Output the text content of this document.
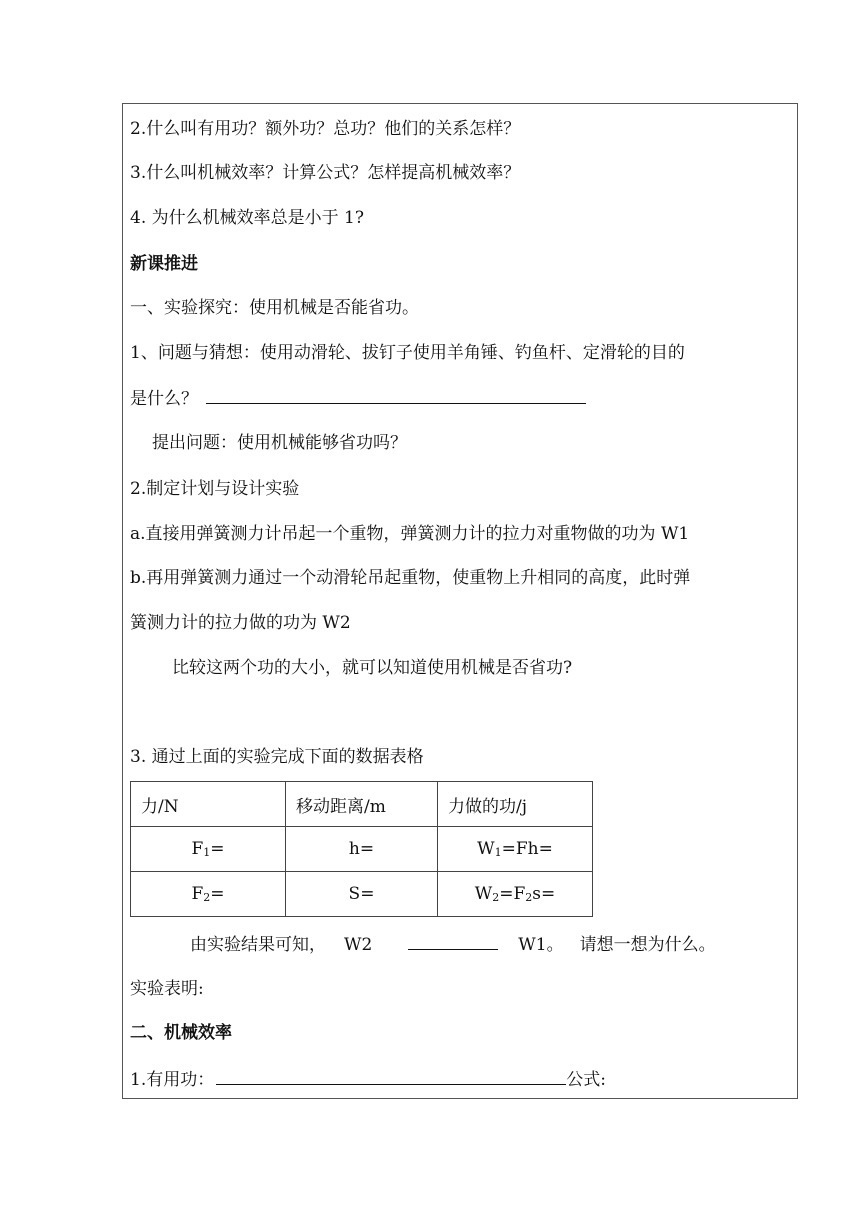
2.什么叫有用功？额外功？总功？他们的关系怎样？
3.什么叫机械效率？计算公式？怎样提高机械效率？
4. 为什么机械效率总是小于 1?
新课推进
一、实验探究：使用机械是否能省功。
1、问题与猜想：使用动滑轮、拔钉子使用羊角锤、钓鱼杆、定滑轮的目的
是什么？
提出问题：使用机械能够省功吗？
2.制定计划与设计实验
a.直接用弹簧测力计吊起一个重物，弹簧测力计的拉力对重物做的功为 W1
b.再用弹簧测力通过一个动滑轮吊起重物，使重物上升相同的高度，此时弹
簧测力计的拉力做的功为 W2
比较这两个功的大小，就可以知道使用机械是否省功?
3. 通过上面的实验完成下面的数据表格
力/N	移动距离/m	力做的功/j
$F_1=$	h=	$W_1=Fh=$
$F_2=$	S=	$W_2=F_2s=$
由实验结果可知， W2	W1。 请想一想为什么。
实验表明:
二、机械效率
1.有用功：	公式:
